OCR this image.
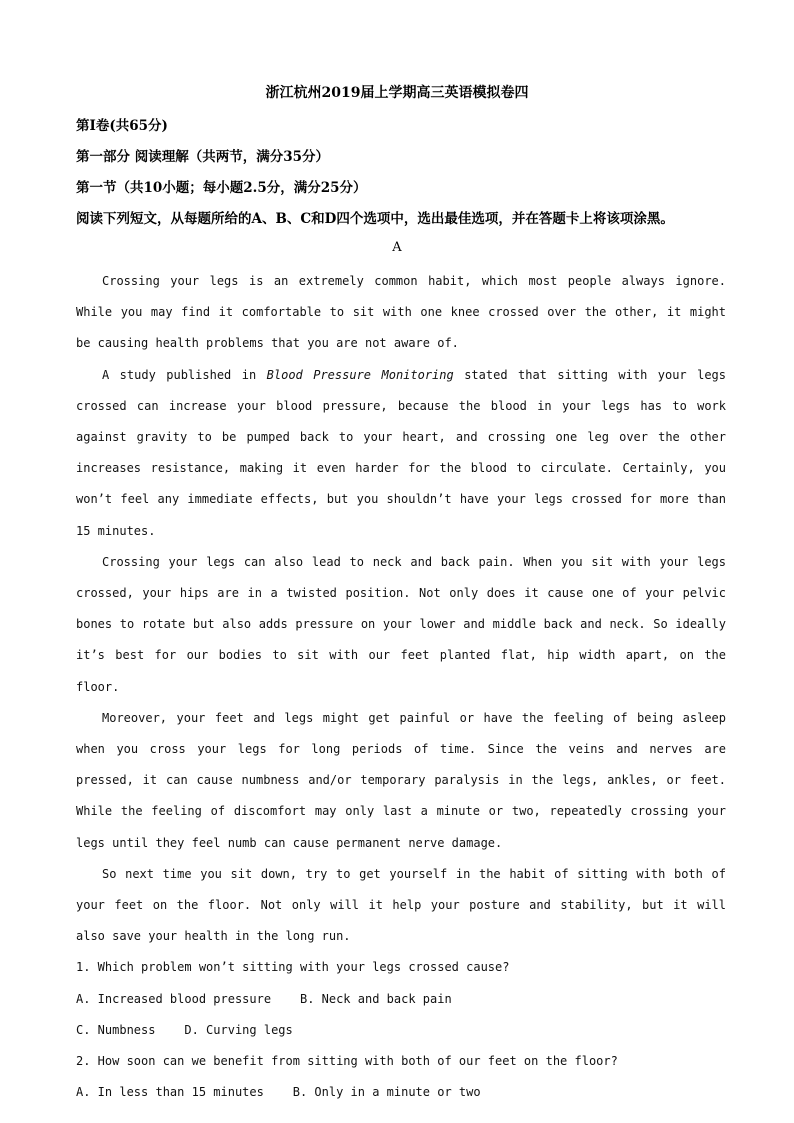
浙江杭州2019届上学期高三英语模拟卷四
第Ⅰ卷(共65分)
第一部分 阅读理解（共两节，满分35分）
第一节（共10小题；每小题2.5分，满分25分）
阅读下列短文，从每题所给的A、B、C和D四个选项中，选出最佳选项，并在答题卡上将该项涂黑。
A

Crossing your legs is an extremely common habit, which most people always ignore. While you may find it comfortable to sit with one knee crossed over the other, it might be causing health problems that you are not aware of.

A study published in Blood Pressure Monitoring stated that sitting with your legs crossed can increase your blood pressure, because the blood in your legs has to work against gravity to be pumped back to your heart, and crossing one leg over the other increases resistance, making it even harder for the blood to circulate. Certainly, you won’t feel any immediate effects, but you shouldn’t have your legs crossed for more than 15 minutes.

Crossing your legs can also lead to neck and back pain. When you sit with your legs crossed, your hips are in a twisted position. Not only does it cause one of your pelvic bones to rotate but also adds pressure on your lower and middle back and neck. So ideally it’s best for our bodies to sit with our feet planted flat, hip width apart, on the floor.

Moreover, your feet and legs might get painful or have the feeling of being asleep when you cross your legs for long periods of time. Since the veins and nerves are pressed, it can cause numbness and/or temporary paralysis in the legs, ankles, or feet. While the feeling of discomfort may only last a minute or two, repeatedly crossing your legs until they feel numb can cause permanent nerve damage.

So next time you sit down, try to get yourself in the habit of sitting with both of your feet on the floor. Not only will it help your posture and stability, but it will also save your health in the long run.

1. Which problem won’t sitting with your legs crossed cause?

A. Increased blood pressure    B. Neck and back pain

C. Numbness    D. Curving legs

2. How soon can we benefit from sitting with both of our feet on the floor?

A. In less than 15 minutes    B. Only in a minute or two
